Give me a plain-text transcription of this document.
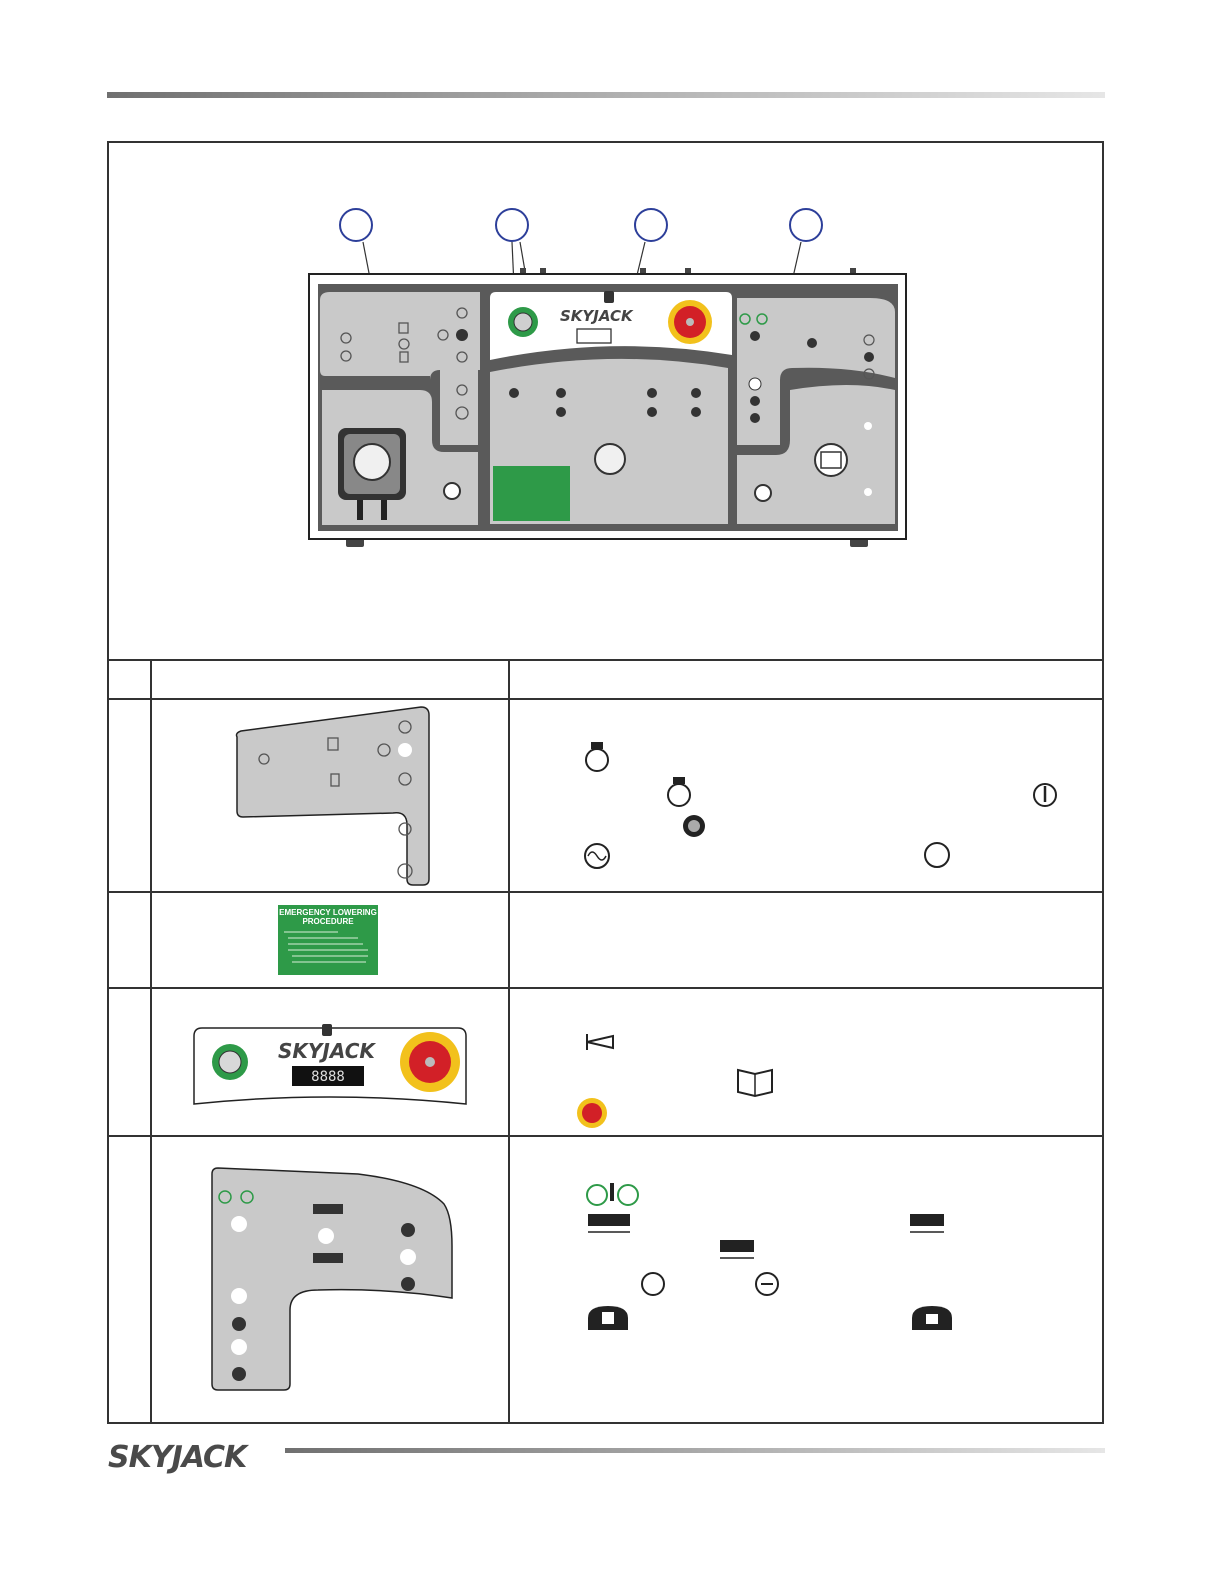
SKYJACK
EMERGENCY LOWERING
PROCEDURE
SKYJACK
8888
SKYJACK
